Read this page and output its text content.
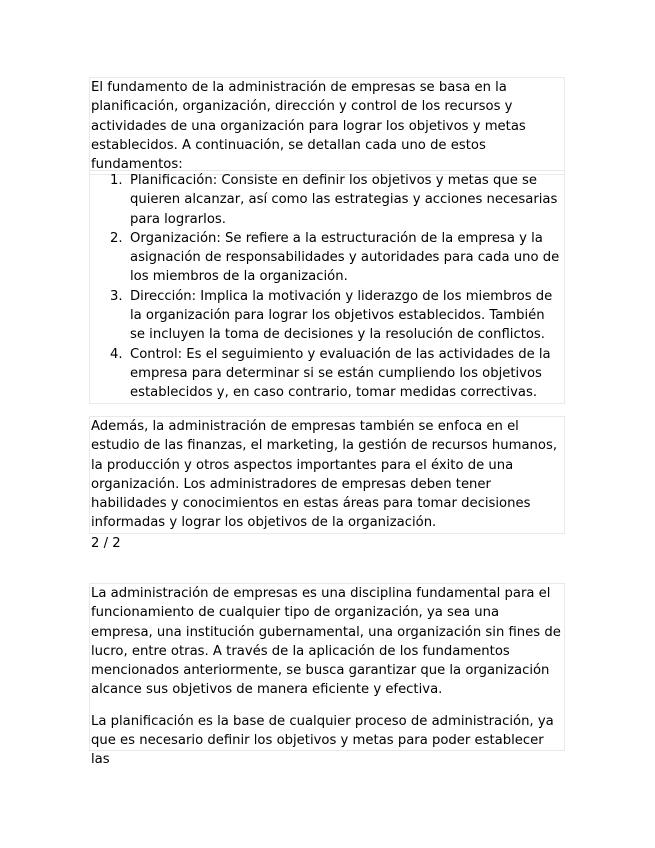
El fundamento de la administración de empresas se basa en la planificación, organización, dirección y control de los recursos y actividades de una organización para lograr los objetivos y metas establecidos. A continuación, se detallan cada uno de estos fundamentos:

1. Planificación: Consiste en definir los objetivos y metas que se quieren alcanzar, así como las estrategias y acciones necesarias para lograrlos.
2. Organización: Se refiere a la estructuración de la empresa y la asignación de responsabilidades y autoridades para cada uno de los miembros de la organización.
3. Dirección: Implica la motivación y liderazgo de los miembros de la organización para lograr los objetivos establecidos. También se incluyen la toma de decisiones y la resolución de conflictos.
4. Control: Es el seguimiento y evaluación de las actividades de la empresa para determinar si se están cumpliendo los objetivos establecidos y, en caso contrario, tomar medidas correctivas.

Además, la administración de empresas también se enfoca en el estudio de las finanzas, el marketing, la gestión de recursos humanos, la producción y otros aspectos importantes para el éxito de una organización. Los administradores de empresas deben tener habilidades y conocimientos en estas áreas para tomar decisiones informadas y lograr los objetivos de la organización.

2 / 2

La administración de empresas es una disciplina fundamental para el funcionamiento de cualquier tipo de organización, ya sea una empresa, una institución gubernamental, una organización sin fines de lucro, entre otras. A través de la aplicación de los fundamentos mencionados anteriormente, se busca garantizar que la organización alcance sus objetivos de manera eficiente y efectiva.

La planificación es la base de cualquier proceso de administración, ya que es necesario definir los objetivos y metas para poder establecer las
